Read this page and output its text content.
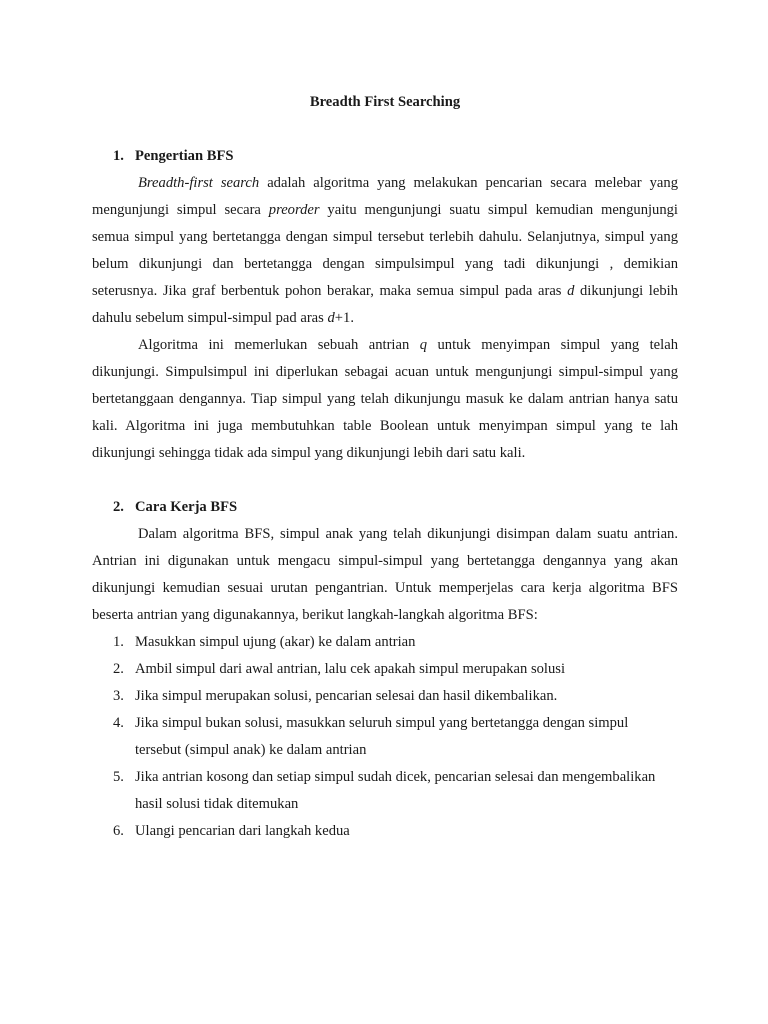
Breadth First Searching

1. Pengertian BFS

Breadth-first search adalah algoritma yang melakukan pencarian secara melebar yang mengunjungi simpul secara preorder yaitu mengunjungi suatu simpul kemudian mengunjungi semua simpul yang bertetangga dengan simpul tersebut terlebih dahulu. Selanjutnya, simpul yang belum dikunjungi dan bertetangga dengan simpulsimpul yang tadi dikunjungi , demikian seterusnya. Jika graf berbentuk pohon berakar, maka semua simpul pada aras d dikunjungi lebih dahulu sebelum simpul-simpul pad aras d+1.

Algoritma ini memerlukan sebuah antrian q untuk menyimpan simpul yang telah dikunjungi. Simpulsimpul ini diperlukan sebagai acuan untuk mengunjungi simpul-simpul yang bertetanggaan dengannya. Tiap simpul yang telah dikunjungu masuk ke dalam antrian hanya satu kali. Algoritma ini juga membutuhkan table Boolean untuk menyimpan simpul yang te lah dikunjungi sehingga tidak ada simpul yang dikunjungi lebih dari satu kali.

2. Cara Kerja BFS

Dalam algoritma BFS, simpul anak yang telah dikunjungi disimpan dalam suatu antrian. Antrian ini digunakan untuk mengacu simpul-simpul yang bertetangga dengannya yang akan dikunjungi kemudian sesuai urutan pengantrian. Untuk memperjelas cara kerja algoritma BFS beserta antrian yang digunakannya, berikut langkah-langkah algoritma BFS:

1. Masukkan simpul ujung (akar) ke dalam antrian
2. Ambil simpul dari awal antrian, lalu cek apakah simpul merupakan solusi
3. Jika simpul merupakan solusi, pencarian selesai dan hasil dikembalikan.
4. Jika simpul bukan solusi, masukkan seluruh simpul yang bertetangga dengan simpul tersebut (simpul anak) ke dalam antrian
5. Jika antrian kosong dan setiap simpul sudah dicek, pencarian selesai dan mengembalikan hasil solusi tidak ditemukan
6. Ulangi pencarian dari langkah kedua
